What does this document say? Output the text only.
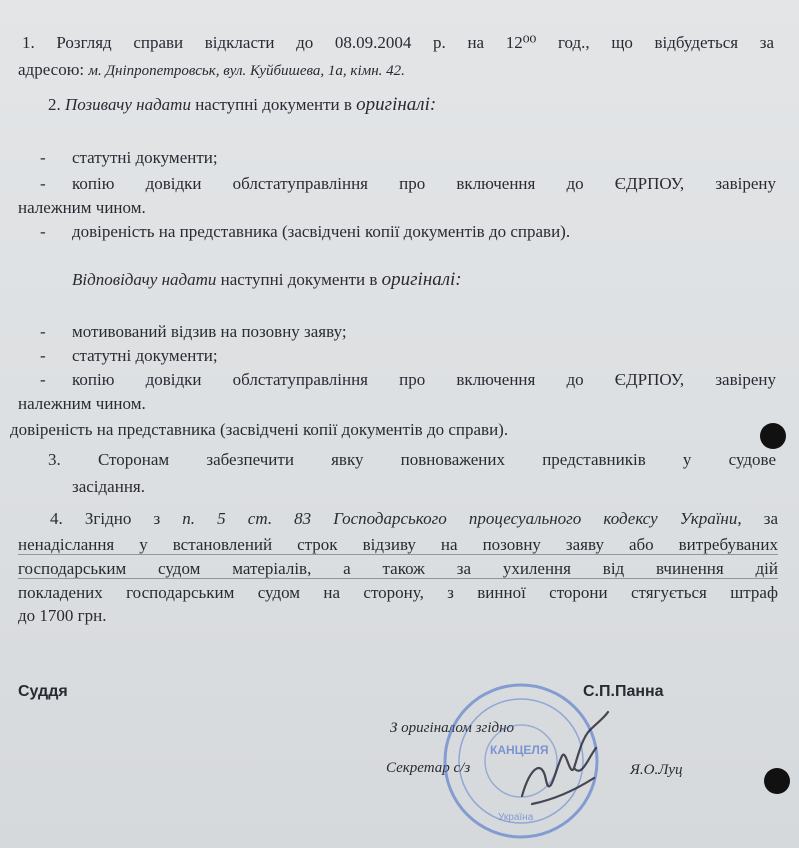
1. Розгляд справи відкласти до 08.09.2004 р. на 12⁰⁰ год., що відбудеться за
адресою: м. Дніпропетровськ, вул. Куйбишева, 1а, кімн. 42.
2. Позивачу надати наступні документи в оригіналі:
- статутні документи;
- копію довідки облстатуправління про включення до ЄДРПОУ, завірену
належним чином.
- довіреність на представника (засвідчені копії документів до справи).
Відповідачу надати наступні документи в оригіналі:
- мотивований відзив на позовну заяву;
- статутні документи;
- копію довідки облстатуправління про включення до ЄДРПОУ, завірену
належним чином.
довіреність на представника (засвідчені копії документів до справи).
3. Сторонам забезпечити явку повноважених представників у судове
засідання.
4. Згідно з п. 5 ст. 83 Господарського процесуального кодексу України, за
ненадіслання у встановлений строк відзиву на позовну заяву або витребуваних
господарським судом матеріалів, а також за ухилення від вчинення дій
покладених господарським судом на сторону, з винної сторони стягується штраф
до 1700 грн.
Суддя	С.П.Панна
З оригіналом згідно
Секретар с/з	Я.О.Луц
КАНЦЕЛЯ
Україна
